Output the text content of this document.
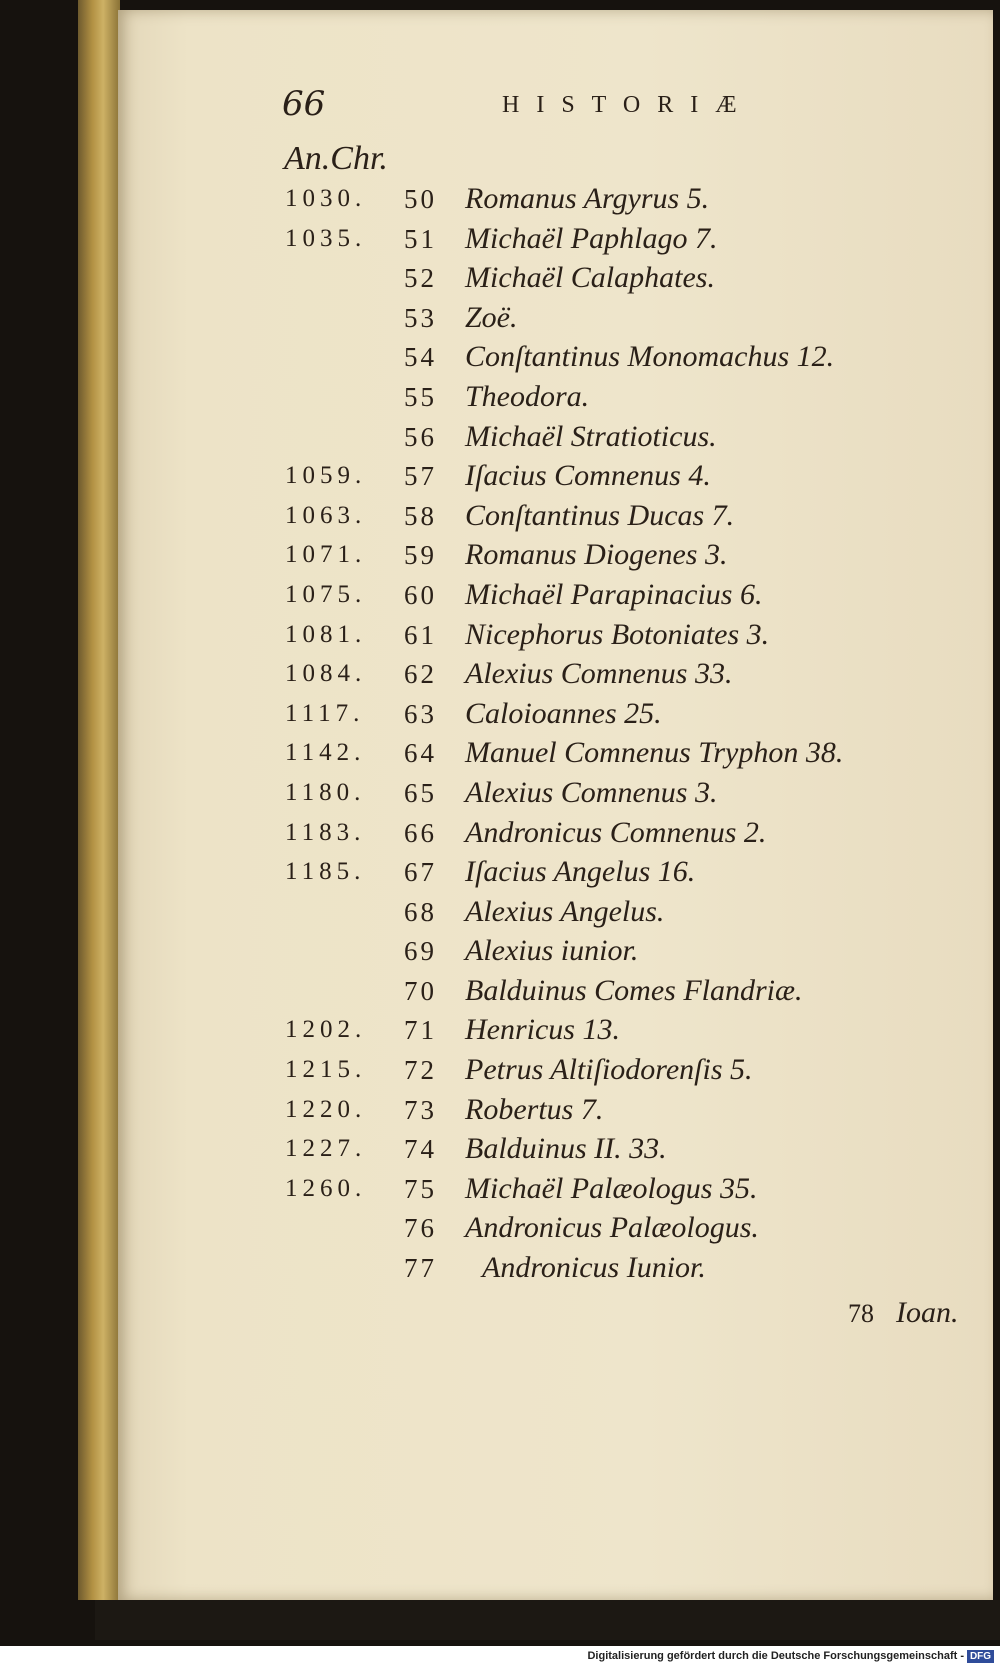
66	HISTORIÆ
An.Chr.
1030. 50 Romanus Argyrus 5.
1035. 51 Michaël Paphlago 7.
52 Michaël Calaphates.
53 Zoë.
54 Conſtantinus Monomachus 12.
55 Theodora.
56 Michaël Stratioticus.
1059. 57 Iſacius Comnenus 4.
1063. 58 Conſtantinus Ducas 7.
1071. 59 Romanus Diogenes 3.
1075. 60 Michaël Parapinacius 6.
1081. 61 Nicephorus Botoniates 3.
1084. 62 Alexius Comnenus 33.
1117. 63 Caloioannes 25.
1142. 64 Manuel Comnenus Tryphon 38.
1180. 65 Alexius Comnenus 3.
1183. 66 Andronicus Comnenus 2.
1185. 67 Iſacius Angelus 16.
68 Alexius Angelus.
69 Alexius iunior.
70 Balduinus Comes Flandriæ.
1202. 71 Henricus 13.
1215. 72 Petrus Altiſiodorenſis 5.
1220. 73 Robertus 7.
1227. 74 Balduinus II. 33.
1260. 75 Michaël Palæologus 35.
76 Andronicus Palæologus.
77 Andronicus Iunior.
78 Ioan.
Digitalisierung gefördert durch die Deutsche Forschungsgemeinschaft - DFG
